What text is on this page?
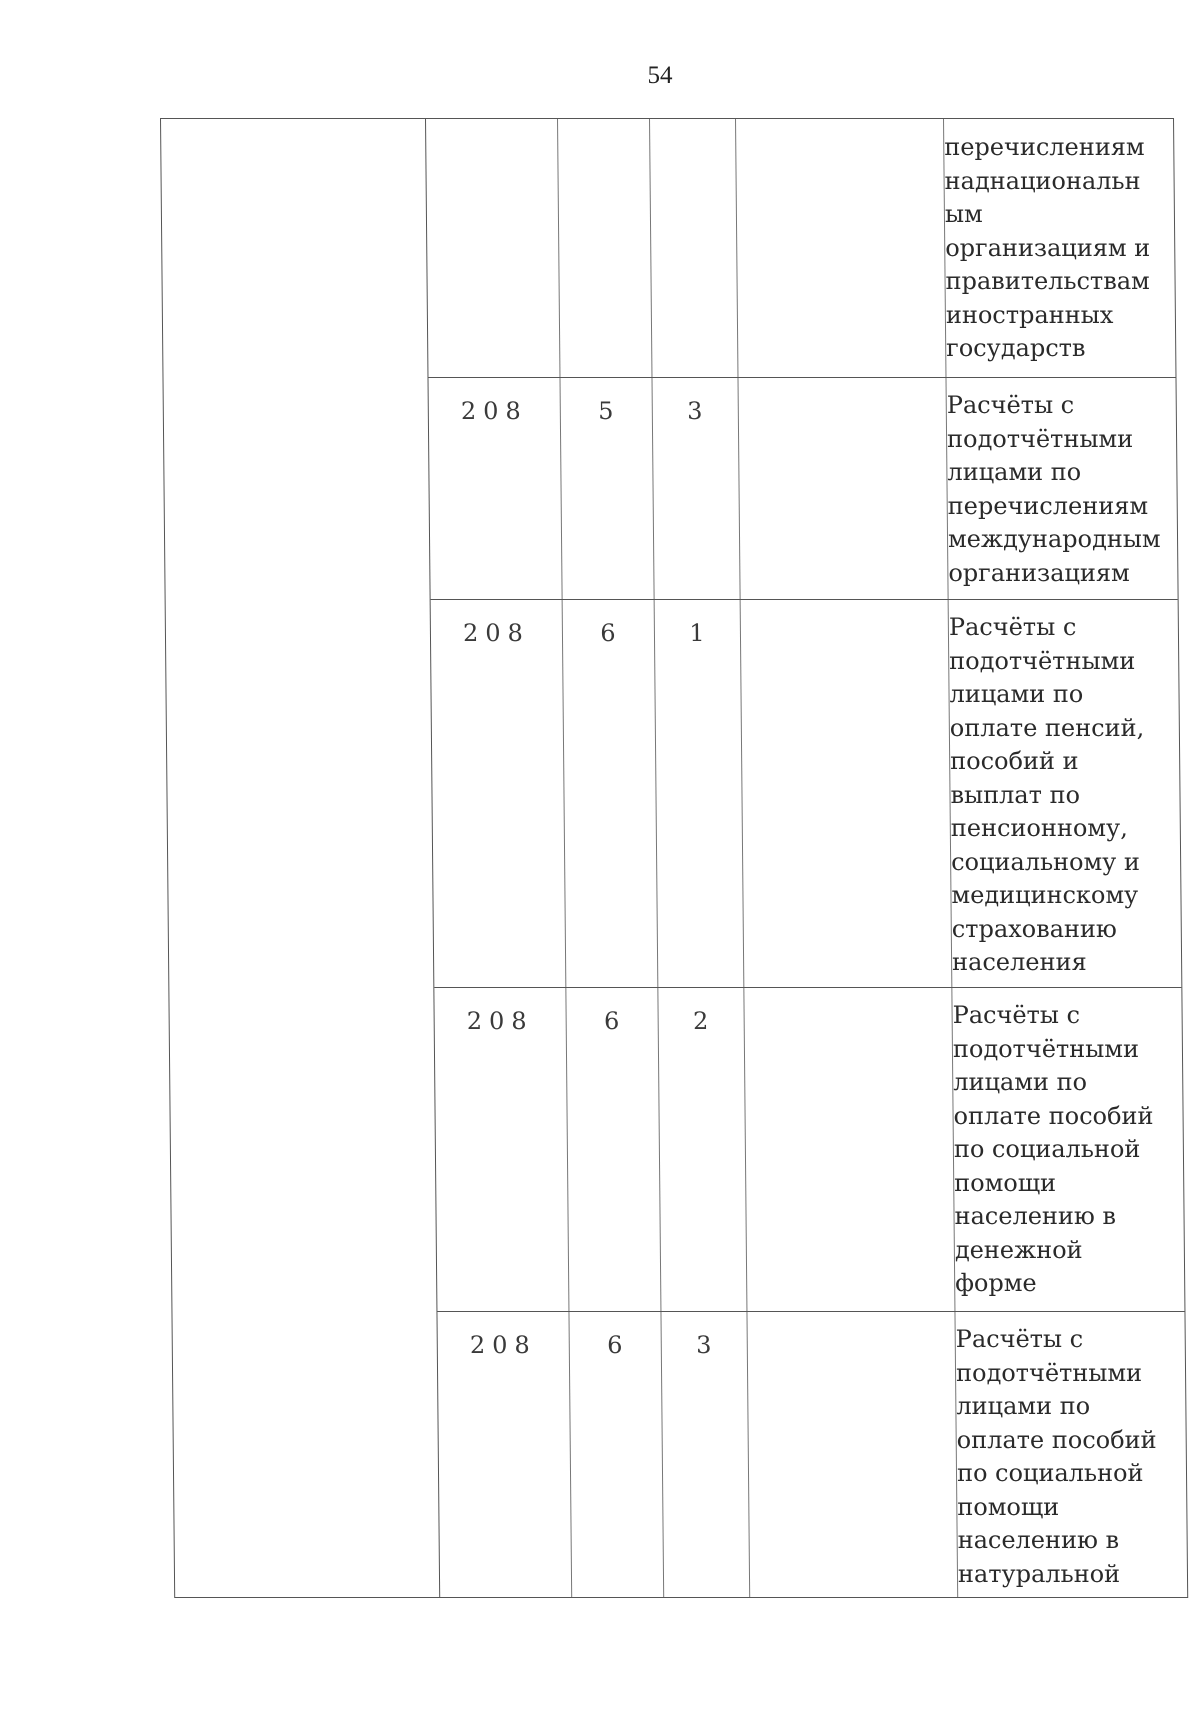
54
перечислениям
наднациональн
ым
организациям и
правительствам
иностранных
государств
208	5	3	Расчёты с
подотчётными
лицами по
перечислениям
международным
организациям
208	6	1	Расчёты с
подотчётными
лицами по
оплате пенсий,
пособий и
выплат по
пенсионному,
социальному и
медицинскому
страхованию
населения
208	6	2	Расчёты с
подотчётными
лицами по
оплате пособий
по социальной
помощи
населению в
денежной
форме
208	6	3	Расчёты с
подотчётными
лицами по
оплате пособий
по социальной
помощи
населению в
натуральной
